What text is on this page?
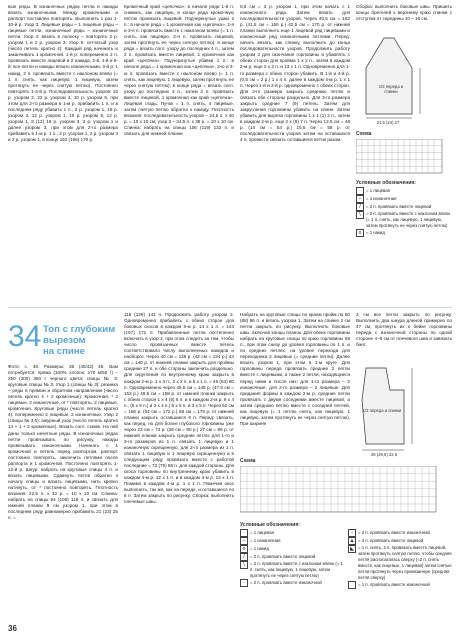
вые ряды. В изнаночных рядах петли и накиды вязать изнаночными. Между кромочными и раппорт поставлен повторять. Выполнить 1 раз 1-10-й р. Узор 3: Лицевые ряды – 1 лицевые ряды – лицевые петли, изнаночные ряды – изнаночные петли. Узор 4: вязать в полоску – повторять 2 р. узором 1 и 2 р. узором 3. Узор 5: сетчатый узор (число петель кратно 4): Каждый ряд начинать и заканчивать 1 кромочной. 1-й р: попеременно 2 п. провязать вместе лицевой и 2 накида, 2-й, 4-й и 6-й: все петли и накиды вязать изнаночными, 3-й р: 1 накид, 2 п. провязать вместе с наклоном влево (= 1 п. снять, как лицевую, 1 лицевую, затем протянуть ее через снятую петлю). Постоянно повторять 1-4-й р. Последовательность узоров: 10 р. узором 2, 22 р. узором 4, 10 р. узором 5, при этом для 2-го размера в 1-м р. прибавить 1 п. и в последнем ряду убавить 1 п., 2 р. узором 1, 16 р. узором 3, 12 р. узором 1, 10 р. узором 5, 12 р. узором 1, 8 (12) 16 р. узором 3, 2 р. узором 1 и далее узором 3, при этом для 2-го размера прибавить в 1-м р. 1 п., 2 р. узором 1, 2 р. узором 3 и 2 р. узором 1, в конце 162 (166) 170 р.

Кромочный край «цепочка»: в начале ряда 1-й п. снимать, как лицевую, в конце ряда кромочную петлю провязать лицевой. Подчеркнутые ушки 2 п.: в начале ряда = 1 кромочная как «цепочка», 2-я и 3-я п. провязать вместе с наклоном влево (= 1 п. снять, как лицевую, 2-я п. провязать лицевой, затем протянуть ее через снятую петлю): в конце ряда = вязать согл. узору до последних 4 п., затем 2 п. провязать вместе лицевой, 1 кромочная как край «цепочка». Подчеркнутые убавки 1 п.: в начале ряда = 1 кромочная как «цепочка», 2-ю и 3-ю п. провязать вместе с наклоном влево (= 1 п. снять, как лицевую, 1 лицевую, затем протянуть ее через снятую петлю); в конце ряда = вязать согл. узору до последних 3 п., затем 2 п. провязать вместе лицевой, 1 кромочная как край «цепочка». Лицевая гладь: Пучок = 1 п. снять, 4 лицевые, затем снятую петлю обратно к накиду. Плотность вязания: последовательность узоров – 24,5 п. х 40 р. = 10 х 10 см; узор 3 – 24,5 п. х 38 р. = 10 х 10 см. Спинка: набрать на спицы 106 (119) 132 п. и связать для нижней планки

0,5 см = 3 р. узором 1, при этом начать с 1 изнаночного ряда. Затем вязать для последовательности узоров. Через 40,5 см = 162 р. (41,5 см = 166 р.) 42,5 см = 170 р. от нижней планки выполнить еще 1 лицевой ряд лицевыми и изнаночный ряд изнаночными петлями. Перед: начать вязать, как спинку, выполнить до конца последовательности узоров. Продолжить работу узором 3 для окончания горловины и убавлять с обеих сторон для пройма 1 х 2 п., затем в каждом 2-м р. еще 2 х 2 п. и 13 х 1 п. Одновременно для 1-го размера с обеих сторон убавить. В 1-й и 4-й р. (0,5 см = 2 р.) 1 х 4 п. далее в каждом 4-м р. 1 х 1 п. Через 1-й и 2-й р. одновременно с обеих сторон. Для 2-го размера закрыть среднюю петлю и связать обе стороны раздельно. Для 3-го размера закрыть средние 7 (9) петель. Затем для закругления горловины убавить на спине. Затем убавить для выреза горловины 1 х 1 (1) 2 п., затем в каждом 2-м р. еще 2 х (9) 7 п. Через 12,5 см = 48 р. (14 см = 54 р.) 15,5 см = 58 р. от последовательности узоров затем на оставшихся 4 п. провести связать оставшиеся петли разом.

Сборка: выполнить боковые швы. Пришить концы бретелей к верхнему краю спинки с отступом от середины 10 – 16 см.

1/2 переда и спинки
21,5 (24) 27
Схема
Условные обозначения:
= 1 лицевая
–	= 1 изнаночная
/	= 2 п. провязать вместе лицевой
\	= 2 п. провязать вместе с наклоном влево (= 1 п. снять, как лицевую, 1 лицевую, затем протянуть ее через снятую петлю)
o	= 1 накид
34 Топ с глубоким
вырезом
на спине

Фото: с. 49. Размеры: 36 (40/42) 46. Вам потребуется: пряжа (100% хлопок; 170 м/50 г) – 250 (300) 350 г черного цвета; спицы № 3; круговые спицы № 3. Узор 1 (спицы № 3): резинка – ряды в прямом и обратном направлении (число петель кратно 4 + 2 кромочные). Кромочная, * 2 лицевые, 2 изнаночные, от * повторять, 2 лицевые, кромочная. Круговые ряды (число петель кратно 4): попеременно 2 лицевые, 2 изнаночные. Узор 2 (спицы № 3,5): ажурный узор (число петель кратно 14 + 1 + 2 кромочные). Вязать согл. схеме. На ней даны только нечетные ряды. В изнаночных рядах петли провязывать по рисунку, накиды провязывать изнаночными. Начинать с 1 кромочной и петель перед раппортом, раппорт постоянно повторять, закончить петлями после раппорта и 1 кромочной. Постоянно повторять 1-12-й р. Шнур: набрать на круговые спицы 4 п. и вязать лицевыми. Сдвинуть петли обратно к началу спицы и вязать лицевыми, нить крепко натянуть, от * постоянно повторять. Плотность вязания: 22,5 п. х 32 р. = 10 х 10 см. Спинка: набрать на спицы 94 (106) 118 п. и связать для нижней планки 8 см узором 1, при этом в последнем ряду равномерно прибавить 21 (23) 25 п. =

115 (129) 143 п. Продолжить работу узором 2. Одновременно прибавить с обеих сторон для боковых скосов в каждом 6-м р. 14 х 1 п. = 143 (157) 171 п. Прибавленные петли постепенно включать в узор 2, при этом следить за тем, чтобы число провязанных вместе петель соответствовало числу выполненных накидов и наоборот. Через 40 см = 128 р. (42 см = 134 р.) 44 см = 140 р. от нижней планки закрыть для проймы средние 27 п. и обе стороны закончить раздельно. Для скругления по внутреннему краю закрыть в каждом 2-м р. 1 х 3 п., 2 х 2 п. и 5 х 1 п. = 46 (53) 60 п. Одновременно через 45,5 см = 146 р. (47,5 см = 152 р.) 49,5 см = 158 р. от нижней планки закрыть с обеих сторон 1 х 4 (5) 6 п. и в каждом 2-м р. 9 х 4 п., (5 х 5 п.) и 3 х 4 п.) 6 х 5 п. и 3 х 5 п. Через 52 см = 166 р. (54 см = 172 р.) 56 см = 178 р. от нижней планки закрыть оставшиеся 6 п. Перед: связать, как перед, но для более глубокого горловины уже через 23 см = 74 р. (25 см = 80 р.) 27 см = 86 р. от нижней планки закрыть средние петли: для 1-го и 3-го размеров из 1 п. связать 1 лицевую и 1 изнаночную скрещенную, для 2-го размера из 1 п. связать 1 лицевую и 1 лицевую скрещенную) и в следующем ряду провязать вместе с работой последние = 72 (79) 86 п. для каждой стороны. Для скоса горловины по внутреннему краю убавить в каждом 4-м р. 12 х 1 п. и в каждом 4-м р. 12 х 1 п. Помимо в каждом 4-м р. 1 х 1 п. Помечая окос выполнить, так же, как на переде, и оставшиеся по 6 п. Затем закрыть по рисунку. Сборка: выполнить плечевые швы.

Набрать на круговые спицы по краям пройм по 80 (88) 96 п. и вязать узором 1. Затем на спинке 2 см петли закрыть по рисунку. Выполнить боковые швы, включая концы планок. Для обеих горловины набрать на круговые спицы по краю горловины 58 п., при этом снизу до уровня горловины по 1 п. и по средних петлях, на уровне перехода для переходника 2 лицевые (= средние петли). Далее вязать узором 1, при этом в 1-м круге. Для горловины переда провязать средние 2 петли вместе с лицевыми, а также 2 петли, находящиеся перед ними и после них: для 1-го размера – 2 изнаночные, для 2-го размера – 2 лицевые. Для придания формы в каждом 2-м р. средние петли провязать с двумя соседними вместе лицевой, а затем среднюю петлю вместе с соседней петлей, как лицевую (= 1 петлю снять, как лицевую, 1 лицевую, затем протянуть ее через снятую петлю). При ширине

2 см все петли закрыть по рисунку. Выполнить два шнура длиной примерно по 47 см, протянуть их к бейке горловины переда с изнаночной стороны по одной стороне 4–5 см от плечевого шва и завязать бант.

1/2 переда и спинки
26 (29,5) 32,5
Схема
Условные обозначения:
= 1 лицевая
–	= 1 изнаночная
o	= 1 накид
/	= 2 п. провязать вместе лицевой
\	= 2 п. провязать вместе с наклоном влево (= 1 п. снять, как лицевую, 1 лицевую, затем протянуть ее через снятую петлю)
-	= 2 п. провязать вместе изнаночной
-	= 2 п. провязать вместе изнаночной
▲ = 3 п. провязать вместе лицевой
◣ = 1 п. снять, 2 п. провязать вместе лицевой, затем протянуть снятую петлю, чтобы средняя петля располагалась сверху (=2 п. снять вместе, как лицевые, 1 лицевая) затем снятые петли протянуть через провязанную (средняя петля сверху)
= 1 п. провязать вместе изнаночной
36
